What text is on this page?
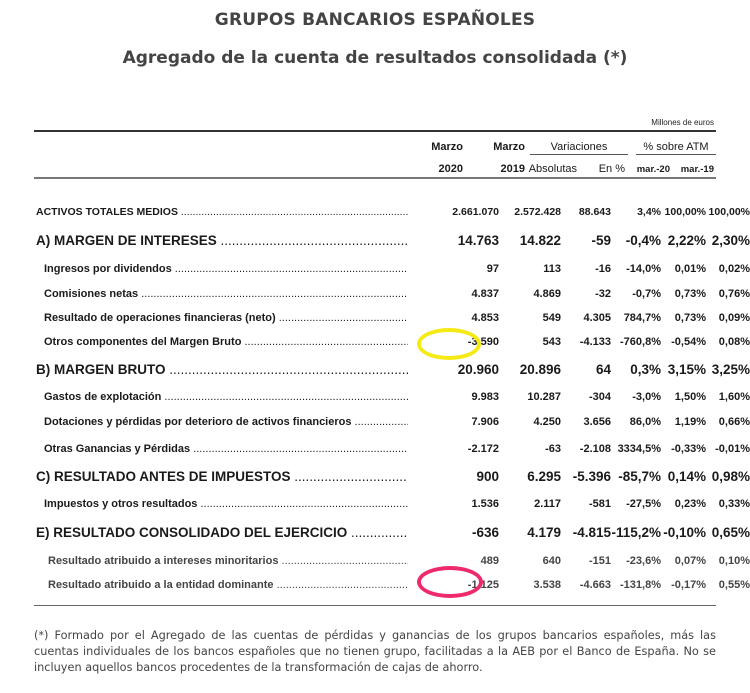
GRUPOS BANCARIOS ESPAÑOLES
Agregado de la cuenta de resultados consolidada (*)
Millones de euros
Marzo
2020
Marzo
2019
Variaciones
Absolutas	En %
% sobre ATM
mar.-20	mar.-19
ACTIVOS TOTALES MEDIOS .....	2.661.070	2.572.428	88.643	3,4% 100,00% 100,00%
A) MARGEN DE INTERESES .....	14.763	14.822	-59	-0,4% 2,22% 2,30%
Ingresos por dividendos .....	97	113	-16	-14,0%	0,01%	0,02%
Comisiones netas .....	4.837	4.869	-32	-0,7%	0,73%	0,76%
Resultado de operaciones financieras (neto) .....	4.853	549	4.305	784,7%	0,73%	0,09%
Otros componentes del Margen Bruto .....	-3.590	543	-4.133 -760,8% -0,54%	0,08%
B) MARGEN BRUTO .....	20.960	20.896	64	0,3% 3,15% 3,25%
Gastos de explotación .....	9.983	10.287	-304	-3,0%	1,50%	1,60%
Dotaciones y pérdidas por deterioro de activos financieros .....	7.906	4.250	3.656	86,0%	1,19%	0,66%
Otras Ganancias y Pérdidas .....	-2.172	-63	-2.108 3334,5% -0,33% -0,01%
C) RESULTADO ANTES DE IMPUESTOS .....	900	6.295 -5.396 -85,7% 0,14% 0,98%
Impuestos y otros resultados .....	1.536	2.117	-581	-27,5%	0,23%	0,33%
E) RESULTADO CONSOLIDADO DEL EJERCICIO .....	-636	4.179 -4.815 -115,2% -0,10% 0,65%
Resultado atribuido a intereses minoritarios .....	489	640	-151	-23,6%	0,07%	0,10%
Resultado atribuido a la entidad dominante .....	-1.125	3.538	-4.663 -131,8% -0,17%	0,55%
(*) Formado por el Agregado de las cuentas de pérdidas y ganancias de los grupos bancarios españoles, más las cuentas individuales de los bancos españoles que no tienen grupo, facilitadas a la AEB por el Banco de España. No se incluyen aquellos bancos procedentes de la transformación de cajas de ahorro.
